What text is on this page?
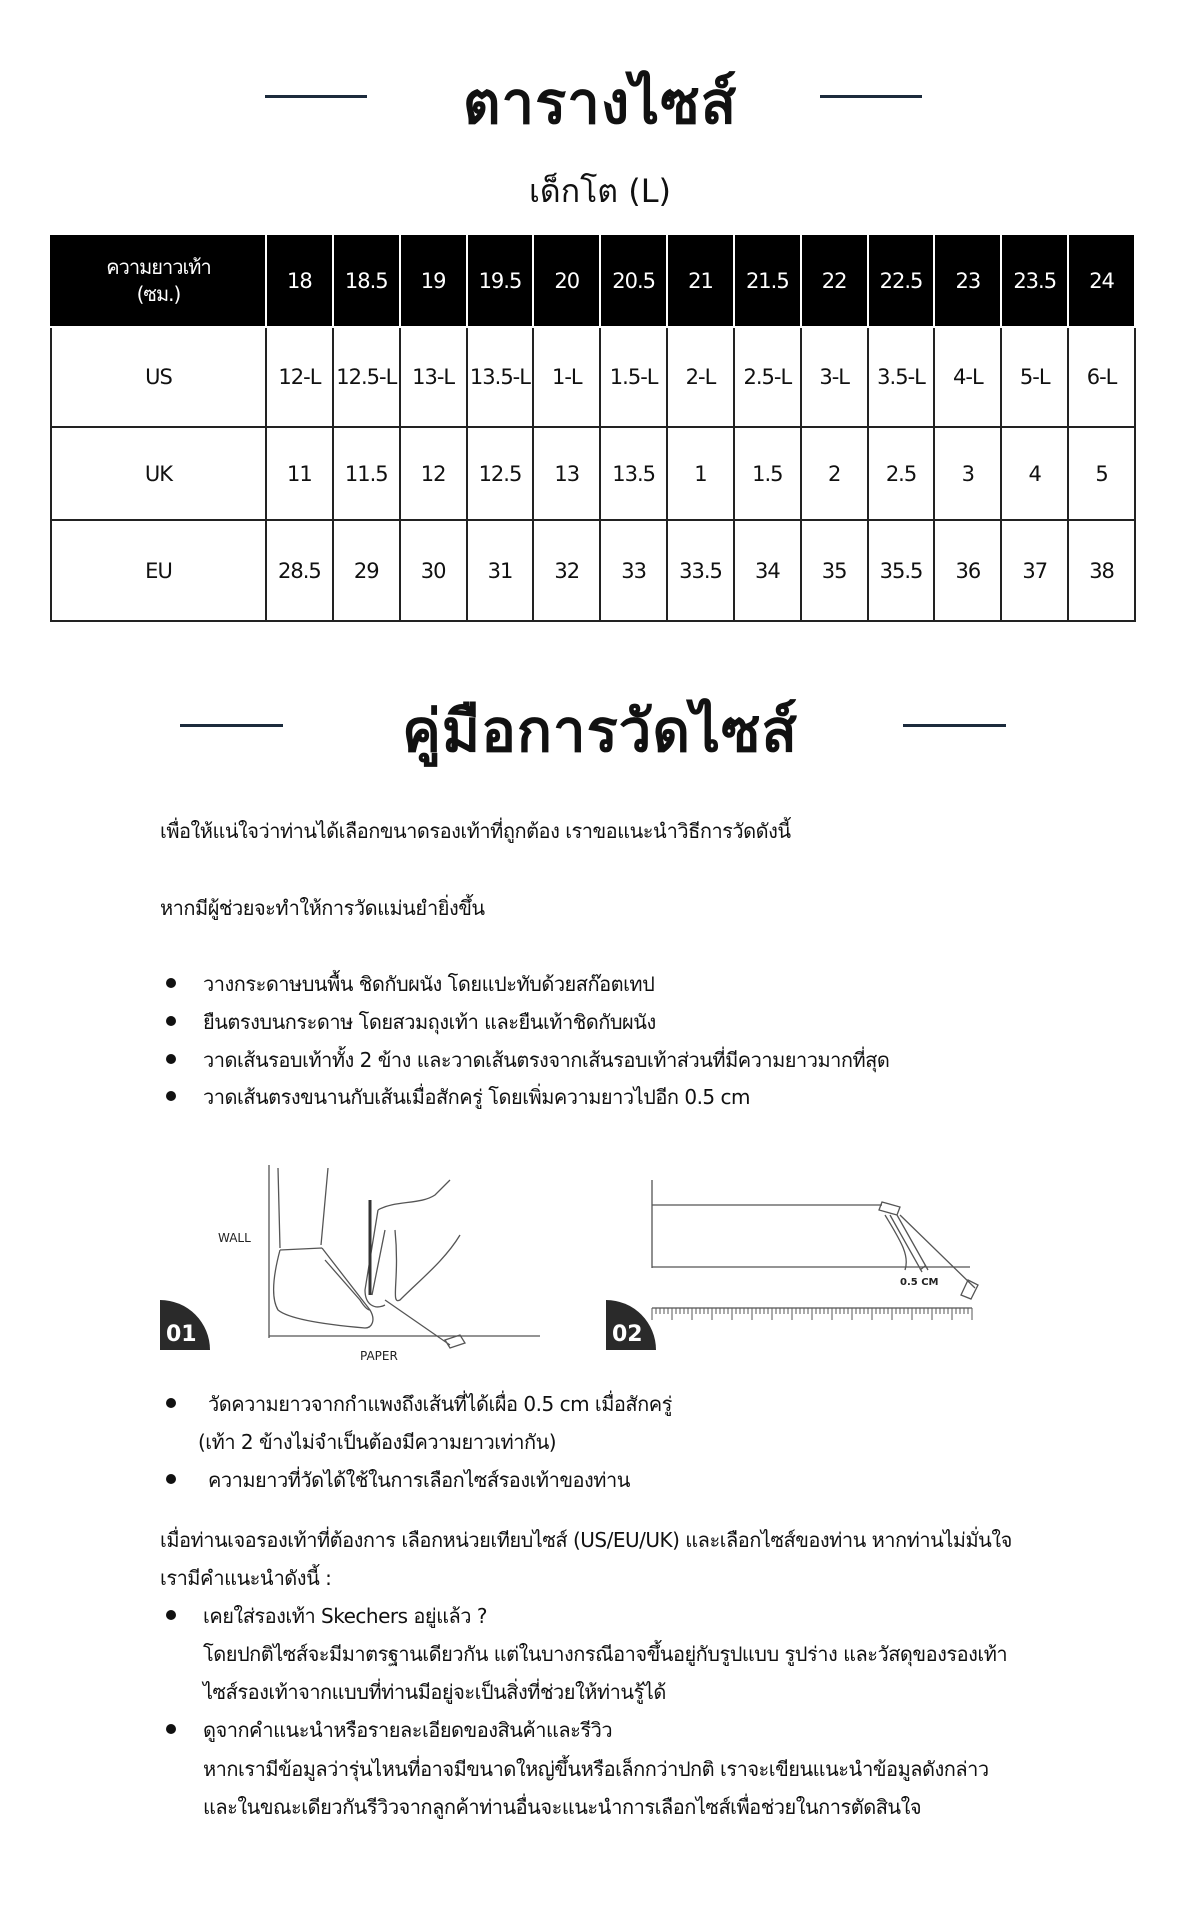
ตารางไซส์
เด็กโต (L)
ความยาวเท้า
(ซม.)	18	18.5	19	19.5	20	20.5	21	21.5	22	22.5	23	23.5	24
US	12-L	12.5-L	13-L	13.5-L	1-L	1.5-L	2-L	2.5-L	3-L	3.5-L	4-L	5-L	6-L
UK	11	11.5	12	12.5	13	13.5	1	1.5	2	2.5	3	4	5
EU	28.5	29	30	31	32	33	33.5	34	35	35.5	36	37	38
คู่มือการวัดไซส์
เพื่อให้แน่ใจว่าท่านได้เลือกขนาดรองเท้าที่ถูกต้อง เราขอแนะนำวิธีการวัดดังนี้
หากมีผู้ช่วยจะทำให้การวัดแม่นยำยิ่งขึ้น
วางกระดาษบนพื้น ชิดกับผนัง โดยแปะทับด้วยสก๊อตเทป
ยืนตรงบนกระดาษ โดยสวมถุงเท้า และยืนเท้าชิดกับผนัง
วาดเส้นรอบเท้าทั้ง 2 ข้าง และวาดเส้นตรงจากเส้นรอบเท้าส่วนที่มีความยาวมากที่สุด
วาดเส้นตรงขนานกับเส้นเมื่อสักครู่ โดยเพิ่มความยาวไปอีก 0.5 cm
WALL
PAPER
01
0.5 CM
02
วัดความยาวจากกำแพงถึงเส้นที่ได้เผื่อ 0.5 cm เมื่อสักครู่
(เท้า 2 ข้างไม่จำเป็นต้องมีความยาวเท่ากัน)
ความยาวที่วัดได้ใช้ในการเลือกไซส์รองเท้าของท่าน
เมื่อท่านเจอรองเท้าที่ต้องการ เลือกหน่วยเทียบไซส์ (US/EU/UK) และเลือกไซส์ของท่าน หากท่านไม่มั่นใจ
เรามีคำแนะนำดังนี้ :
เคยใส่รองเท้า Skechers อยู่แล้ว ?
โดยปกติไซส์จะมีมาตรฐานเดียวกัน แต่ในบางกรณีอาจขึ้นอยู่กับรูปแบบ รูปร่าง และวัสดุของรองเท้า
ไซส์รองเท้าจากแบบที่ท่านมีอยู่จะเป็นสิ่งที่ช่วยให้ท่านรู้ได้
ดูจากคำแนะนำหรือรายละเอียดของสินค้าและรีวิว
หากเรามีข้อมูลว่ารุ่นไหนที่อาจมีขนาดใหญ่ขึ้นหรือเล็กกว่าปกติ เราจะเขียนแนะนำข้อมูลดังกล่าว
และในขณะเดียวกันรีวิวจากลูกค้าท่านอื่นจะแนะนำการเลือกไซส์เพื่อช่วยในการตัดสินใจ
